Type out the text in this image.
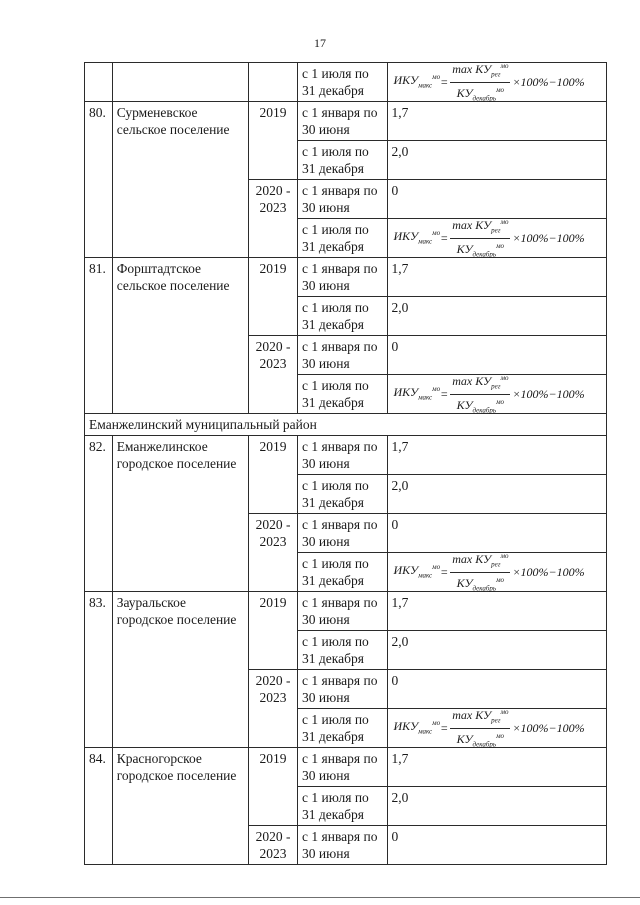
17
			с 1 июля по 31 декабря	$ИКУ_{макс}^{мо} = \frac{\max КУ_{рег}^{мо}}{КУ_{декабрь}^{мо}} \times 100\%-100\%$

80.	Сурменевское сельское поселение	2019	с 1 января по 30 июня	1,7
			с 1 июля по 31 декабря	2,0
		2020 - 2023	с 1 января по 30 июня	0
			с 1 июля по 31 декабря	$ИКУ_{макс}^{мо} = \frac{\max КУ_{рег}^{мо}}{КУ_{декабрь}^{мо}} \times 100\%-100\%$

81.	Форштадтское сельское поселение	2019	с 1 января по 30 июня	1,7
			с 1 июля по 31 декабря	2,0
		2020 - 2023	с 1 января по 30 июня	0
			с 1 июля по 31 декабря	$ИКУ_{макс}^{мо} = \frac{\max КУ_{рег}^{мо}}{КУ_{декабрь}^{мо}} \times 100\%-100\%$

Еманжелинский муниципальный район				
82.	Еманжелинское городское поселение	2019	с 1 января по 30 июня	1,7
			с 1 июля по 31 декабря	2,0
		2020 - 2023	с 1 января по 30 июня	0
			с 1 июля по 31 декабря	$ИКУ_{макс}^{мо} = \frac{\max КУ_{рег}^{мо}}{КУ_{декабрь}^{мо}} \times 100\%-100\%$

83.	Зауральское городское поселение	2019	с 1 января по 30 июня	1,7
			с 1 июля по 31 декабря	2,0
		2020 - 2023	с 1 января по 30 июня	0
			с 1 июля по 31 декабря	$ИКУ_{макс}^{мо} = \frac{\max КУ_{рег}^{мо}}{КУ_{декабрь}^{мо}} \times 100\%-100\%$

84.	Красногорское городское поселение	2019	с 1 января по 30 июня	1,7
			с 1 июля по 31 декабря	2,0
		2020 - 2023	с 1 января по 30 июня	0
